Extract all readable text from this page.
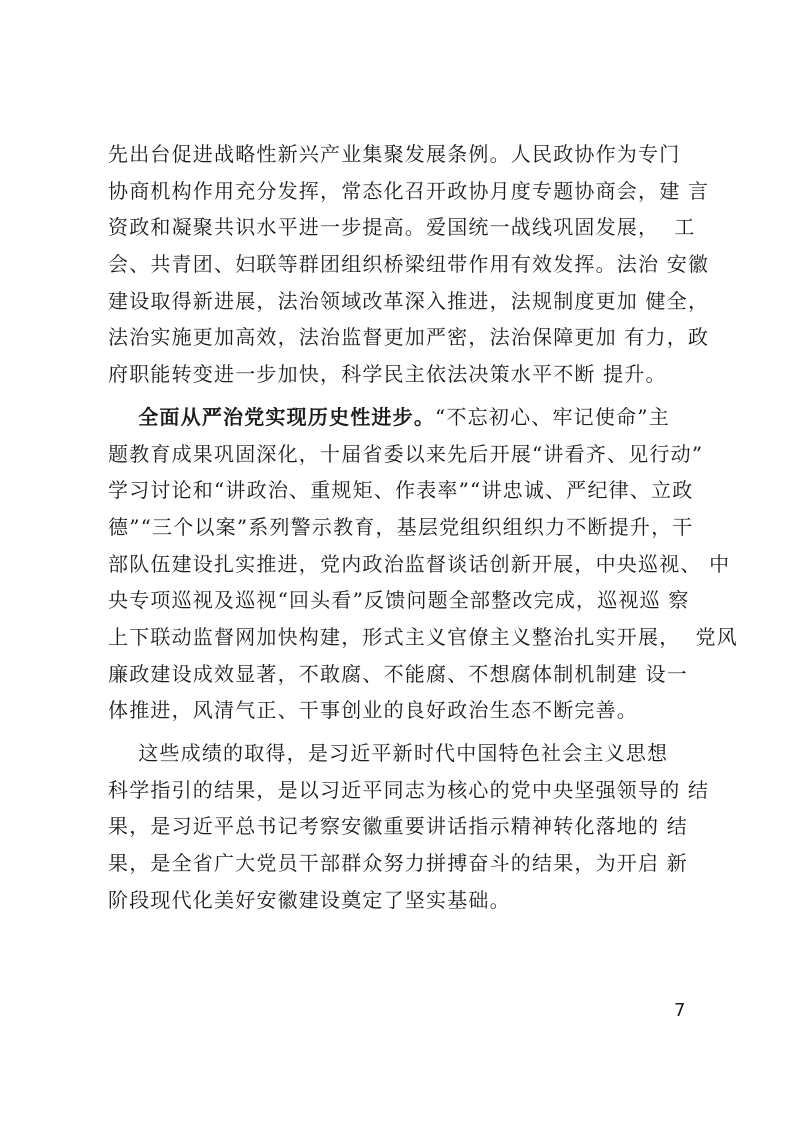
先出台促进战略性新兴产业集聚发展条例。人民政协作为专门
协商机构作用充分发挥，常态化召开政协月度专题协商会，建 言
资政和凝聚共识水平进一步提高。爱国统一战线巩固发展，  工
会、共青团、妇联等群团组织桥梁纽带作用有效发挥。法治 安徽
建设取得新进展，法治领域改革深入推进，法规制度更加 健全，
法治实施更加高效，法治监督更加严密，法治保障更加 有力，政
府职能转变进一步加快，科学民主依法决策水平不断 提升。
全面从严治党实现历史性进步。“不忘初心、牢记使命”主
题教育成果巩固深化，十届省委以来先后开展“讲看齐、见行动”
学习讨论和“讲政治、重规矩、作表率”“讲忠诚、严纪律、立政
德”“三个以案”系列警示教育，基层党组织组织力不断提升，干
部队伍建设扎实推进，党内政治监督谈话创新开展，中央巡视、 中
央专项巡视及巡视“回头看”反馈问题全部整改完成，巡视巡 察
上下联动监督网加快构建，形式主义官僚主义整治扎实开展，  党风
廉政建设成效显著，不敢腐、不能腐、不想腐体制机制建 设一
体推进，风清气正、干事创业的良好政治生态不断完善。
这些成绩的取得，是习近平新时代中国特色社会主义思想
科学指引的结果，是以习近平同志为核心的党中央坚强领导的 结
果，是习近平总书记考察安徽重要讲话指示精神转化落地的 结
果，是全省广大党员干部群众努力拼搏奋斗的结果，为开启 新
阶段现代化美好安徽建设奠定了坚实基础。
7
